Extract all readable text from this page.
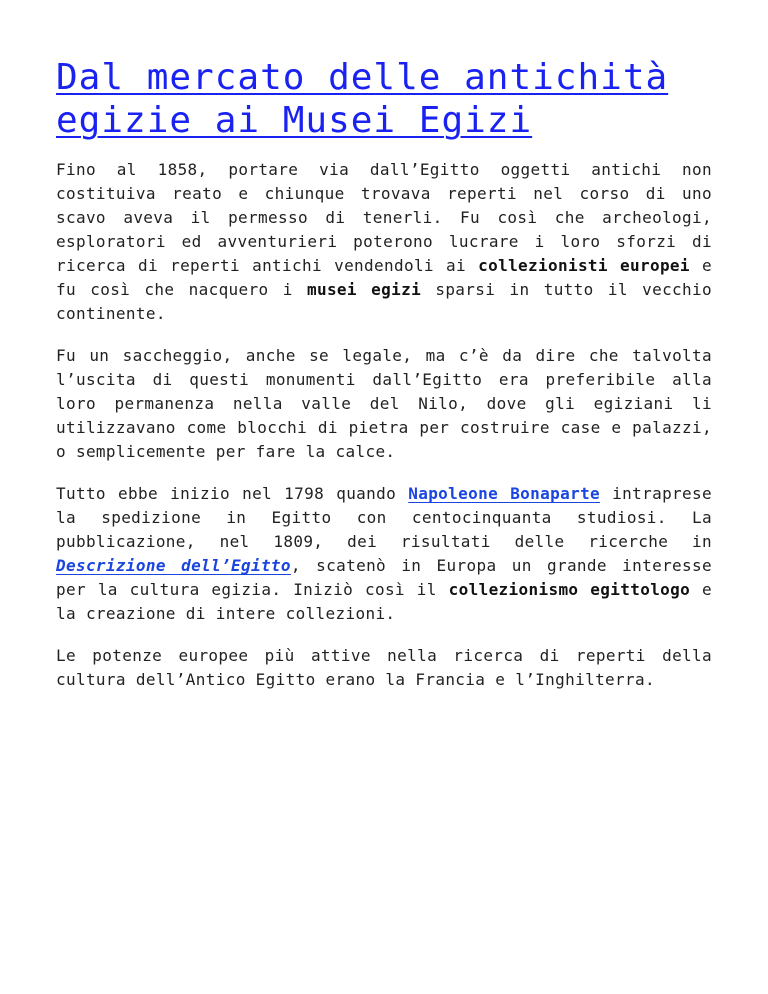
Dal mercato delle antichità egizie ai Musei Egizi

Fino al 1858, portare via dall’Egitto oggetti antichi non costituiva reato e chiunque trovava reperti nel corso di uno scavo aveva il permesso di tenerli. Fu così che archeologi, esploratori ed avventurieri poterono lucrare i loro sforzi di ricerca di reperti antichi vendendoli ai collezionisti europei e fu così che nacquero i musei egizi sparsi in tutto il vecchio continente.

Fu un saccheggio, anche se legale, ma c’è da dire che talvolta l’uscita di questi monumenti dall’Egitto era preferibile alla loro permanenza nella valle del Nilo, dove gli egiziani li utilizzavano come blocchi di pietra per costruire case e palazzi, o semplicemente per fare la calce.

Tutto ebbe inizio nel 1798 quando Napoleone Bonaparte intraprese la spedizione in Egitto con centocinquanta studiosi. La pubblicazione, nel 1809, dei risultati delle ricerche in Descrizione dell’Egitto, scatenò in Europa un grande interesse per la cultura egizia. Iniziò così il collezionismo egittologo e la creazione di intere collezioni.

Le potenze europee più attive nella ricerca di reperti della cultura dell’Antico Egitto erano la Francia e l’Inghilterra.
